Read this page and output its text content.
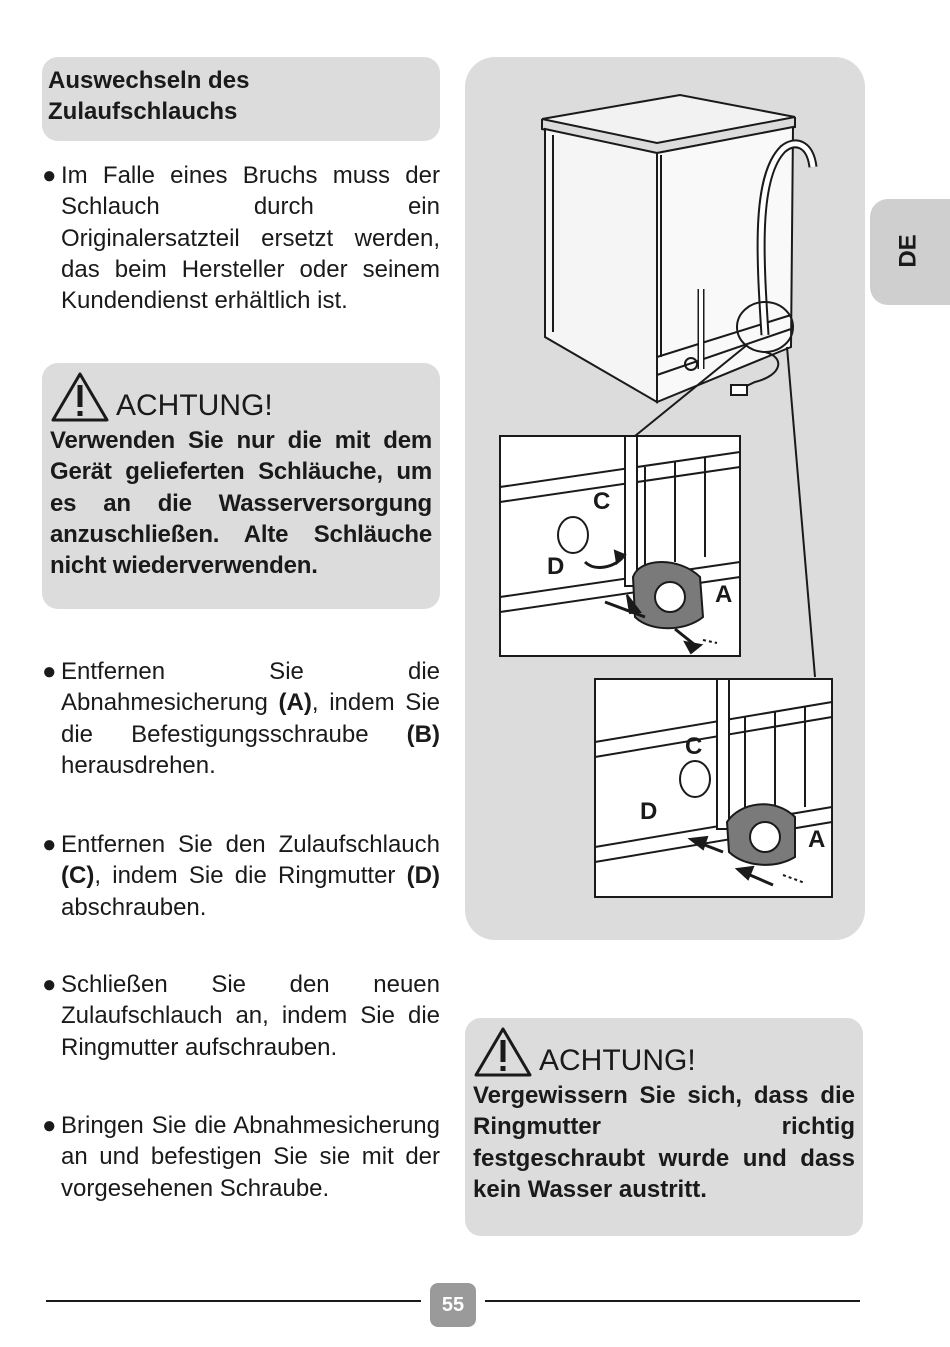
Auswechseln des Zulaufschlauchs
● Im Falle eines Bruchs muss der Schlauch durch ein Originalersatzteil ersetzt werden, das beim Hersteller oder seinem Kundendienst erhältlich ist.
ACHTUNG!
Verwenden Sie nur die mit dem Gerät gelieferten Schläuche, um es an die Wasserversorgung anzuschließen. Alte Schläuche nicht wiederverwenden.
● Entfernen Sie die Abnahmesicherung (A), indem Sie die Befestigungsschraube (B) herausdrehen.
● Entfernen Sie den Zulaufschlauch (C), indem Sie die Ringmutter (D) abschrauben.
● Schließen Sie den neuen Zulaufschlauch an, indem Sie die Ringmutter aufschrauben.
● Bringen Sie die Abnahmesicherung an und befestigen Sie sie mit der vorgesehenen Schraube.
C
D
A
C
D
A
ACHTUNG!
Vergewissern Sie sich, dass die Ringmutter richtig festgeschraubt wurde und dass kein Wasser austritt.
DE
55
